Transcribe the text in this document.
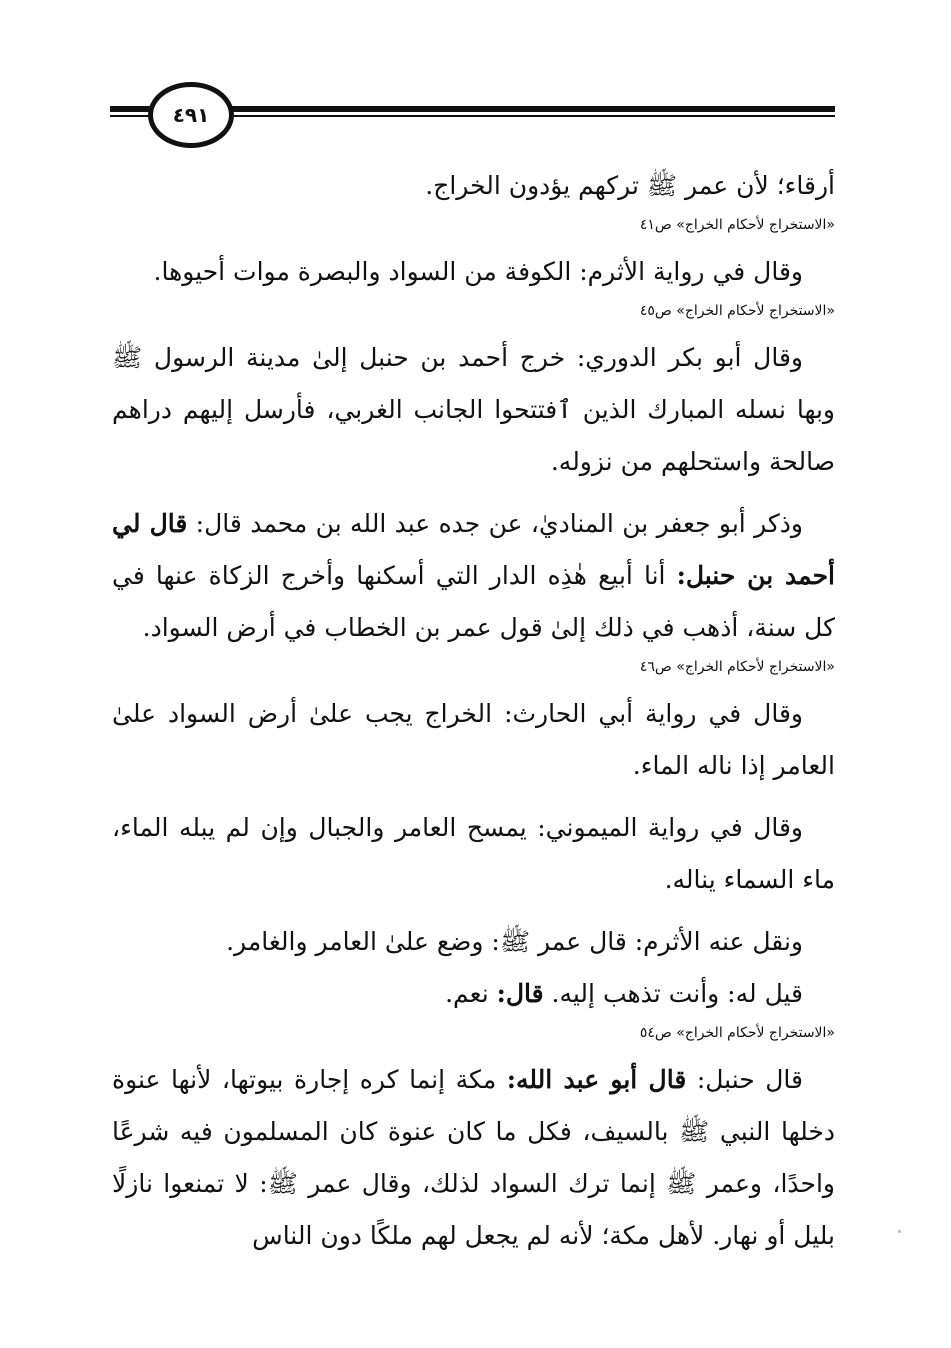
٤٩١

أرقاء؛ لأن عمر ﷺ تركهم يؤدون الخراج.

«الاستخراج لأحكام الخراج» ص٤١

وقال في رواية الأثرم: الكوفة من السواد والبصرة موات أحيوها.

«الاستخراج لأحكام الخراج» ص٤٥

وقال أبو بكر الدوري: خرج أحمد بن حنبل إلىٰ مدينة الرسول ﷺ وبها نسله المبارك الذين ٱفتتحوا الجانب الغربي، فأرسل إليهم دراهم صالحة واستحلهم من نزوله.

وذكر أبو جعفر بن المناديٰ، عن جده عبد الله بن محمد قال: قال لي أحمد بن حنبل: أنا أبيع هٰذِه الدار التي أسكنها وأخرج الزكاة عنها في كل سنة، أذهب في ذلك إلىٰ قول عمر بن الخطاب في أرض السواد.

«الاستخراج لأحكام الخراج» ص٤٦

وقال في رواية أبي الحارث: الخراج يجب علىٰ أرض السواد علىٰ العامر إذا ناله الماء.

وقال في رواية الميموني: يمسح العامر والجبال وإن لم يبله الماء، ماء السماء يناله.

ونقل عنه الأثرم: قال عمر ﷺ: وضع علىٰ العامر والغامر.

قيل له: وأنت تذهب إليه. قال: نعم.

«الاستخراج لأحكام الخراج» ص٥٤

قال حنبل: قال أبو عبد الله: مكة إنما كره إجارة بيوتها، لأنها عنوة دخلها النبي ﷺ بالسيف، فكل ما كان عنوة كان المسلمون فيه شرعًا واحدًا، وعمر ﷺ إنما ترك السواد لذلك، وقال عمر ﷺ: لا تمنعوا نازلًا بليل أو نهار. لأهل مكة؛ لأنه لم يجعل لهم ملكًا دون الناس
